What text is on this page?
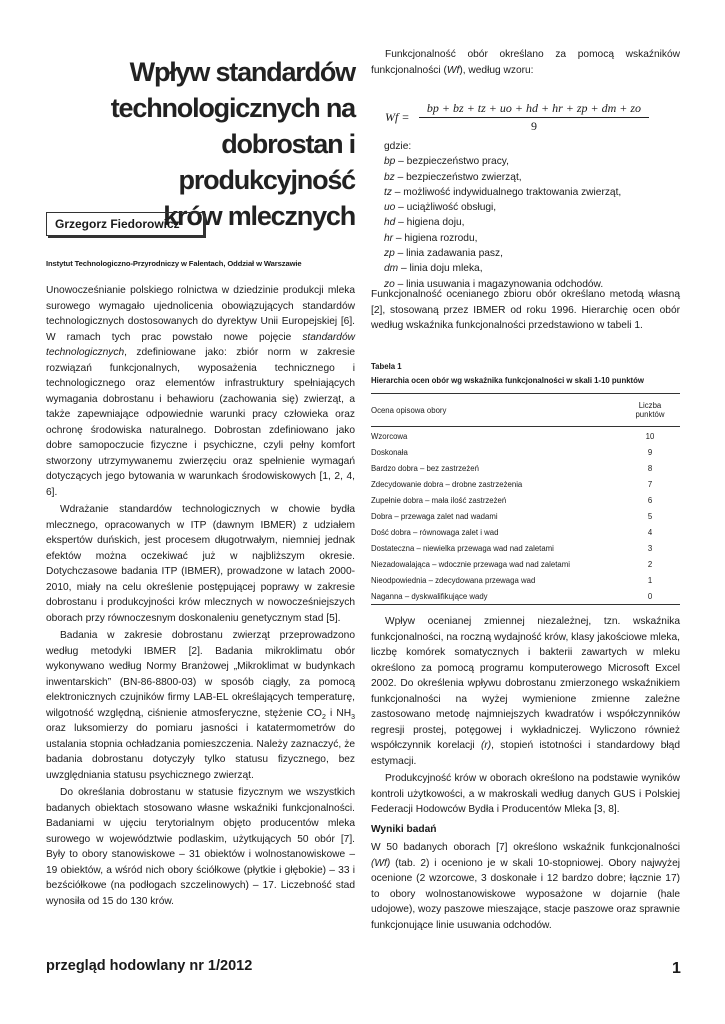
Wpływ standardów
technologicznych na
dobrostan i produkcyjność
krów mlecznych
Grzegorz Fiedorowicz
Instytut Technologiczno-Przyrodniczy w Falentach, Oddział w Warszawie

Unowocześnianie polskiego rolnictwa w dziedzinie produkcji mleka surowego wymagało ujednolicenia obowiązujących standardów technologicznych dostosowanych do dyrektyw Unii Europejskiej [6]. W ramach tych prac powstało nowe pojęcie standardów technologicznych, zdefiniowane jako: zbiór norm w zakresie rozwiązań funkcjonalnych, wyposażenia technicznego i technologicznego oraz elementów infrastruktury spełniających wymagania dobrostanu i behawioru (zachowania się) zwierząt, a także zapewniające odpowiednie warunki pracy człowieka oraz ochronę środowiska naturalnego. Dobrostan zdefiniowano jako dobre samopoczucie fizyczne i psychiczne, czyli pełny komfort stworzony utrzymywanemu zwierzęciu oraz spełnienie wymagań dotyczących jego bytowania w warunkach środowiskowych [1, 2, 4, 6].

Wdrażanie standardów technologicznych w chowie bydła mlecznego, opracowanych w ITP (dawnym IBMER) z udziałem ekspertów duńskich, jest procesem długotrwałym, niemniej jednak efektów można oczekiwać już w najbliższym okresie. Dotychczasowe badania ITP (IBMER), prowadzone w latach 2000-2010, miały na celu określenie postępującej poprawy w zakresie dobrostanu i produkcyjności krów mlecznych w nowocześniejszych oborach przy równoczesnym doskonaleniu genetycznym stad [5].

Badania w zakresie dobrostanu zwierząt przeprowadzono według metodyki IBMER [2]. Badania mikroklimatu obór wykonywano według Normy Branżowej „Mikroklimat w budynkach inwentarskich” (BN-86-8800-03) w sposób ciągły, za pomocą elektronicznych czujników firmy LAB-EL określających temperaturę, wilgotność względną, ciśnienie atmosferyczne, stężenie $CO_2$ i $NH_3$ oraz luksomierzy do pomiaru jasności i katatermometrów do ustalania stopnia ochładzania pomieszczenia. Należy zaznaczyć, że badania dobrostanu dotyczyły tylko statusu fizycznego, bez uwzględniania statusu psychicznego zwierząt.

Do określania dobrostanu w statusie fizycznym we wszystkich badanych obiektach stosowano własne wskaźniki funkcjonalności. Badaniami w ujęciu terytorialnym objęto producentów mleka surowego w województwie podlaskim, użytkujących 50 obór [7]. Były to obory stanowiskowe – 31 obiektów i wolnostanowiskowe – 19 obiektów, a wśród nich obory ściółkowe (płytkie i głębokie) – 33 i bezściółkowe (na podłogach szczelinowych) – 17. Liczebność stad wynosiła od 15 do 130 krów.

Funkcjonalność obór określano za pomocą wskaźników funkcjonalności (Wf), według wzoru:

Wf =
bp + bz + tz + uo + hd + hr + zp + dm + zo
9
gdzie:
bp – bezpieczeństwo pracy,
bz – bezpieczeństwo zwierząt,
tz – możliwość indywidualnego traktowania zwierząt,
uo – uciążliwość obsługi,
hd – higiena doju,
hr – higiena rozrodu,
zp – linia zadawania pasz,
dm – linia doju mleka,
zo – linia usuwania i magazynowania odchodów.

Funkcjonalność ocenianego zbioru obór określano metodą własną [2], stosowaną przez IBMER od roku 1996. Hierarchię ocen obór według wskaźnika funkcjonalności przedstawiono w tabeli 1.

Tabela 1
Hierarchia ocen obór wg wskaźnika funkcjonalności w skali 1-10 punktów
Ocena opisowa obory	Liczba
punktów
Wzorcowa	10
Doskonała	9
Bardzo dobra – bez zastrzeżeń	8
Zdecydowanie dobra – drobne zastrzeżenia	7
Zupełnie dobra – mała ilość zastrzeżeń	6
Dobra – przewaga zalet nad wadami	5
Dość dobra – równowaga zalet i wad	4
Dostateczna – niewielka przewaga wad nad zaletami	3
Niezadowalająca – wdocznie przewaga wad nad zaletami	2
Nieodpowiednia – zdecydowana przewaga wad	1
Naganna – dyskwalifikujące wady	0

Wpływ ocenianej zmiennej niezależnej, tzn. wskaźnika funkcjonalności, na roczną wydajność krów, klasy jakościowe mleka, liczbę komórek somatycznych i bakterii zawartych w mleku określono za pomocą programu komputerowego Microsoft Excel 2002. Do określenia wpływu dobrostanu zmierzonego wskaźnikiem funkcjonalności na wyżej wymienione zmienne zależne zastosowano metodę najmniejszych kwadratów i współczynników regresji prostej, potęgowej i wykładniczej. Wyliczono również współczynnik korelacji (r), stopień istotności i standardowy błąd estymacji.

Produkcyjność krów w oborach określono na podstawie wyników kontroli użytkowości, a w makroskali według danych GUS i Polskiej Federacji Hodowców Bydła i Producentów Mleka [3, 8].

Wyniki badań

W 50 badanych oborach [7] określono wskaźnik funkcjonalności (Wf) (tab. 2) i oceniono je w skali 10-stopniowej. Obory najwyżej ocenione (2 wzorcowe, 3 doskonałe i 12 bardzo dobre; łącznie 17) to obory wolnostanowiskowe wyposażone w dojarnie (hale udojowe), wozy paszowe mieszające, stacje paszowe oraz sprawnie funkcjonujące linie usuwania odchodów.

przegląd hodowlany nr 1/2012	1
